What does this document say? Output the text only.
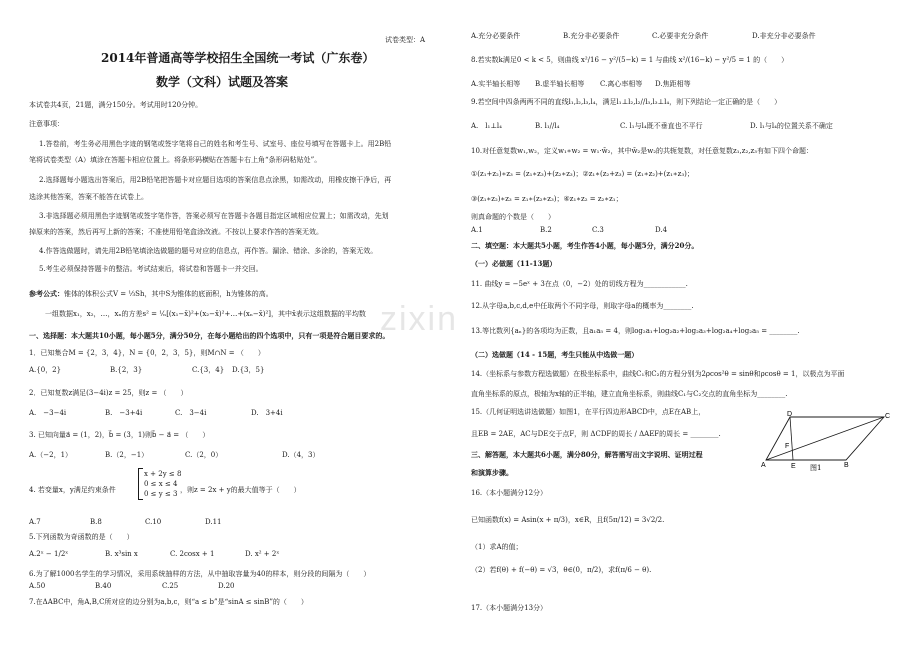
zixin
试卷类型：A
2014年普通高等学校招生全国统一考试（广东卷）
数学（文科）试题及答案
本试卷共4页，21题，满分150分。考试用时120分钟。
注意事项：
1.答卷前，考生务必用黑色字迹的钢笔或签字笔将自己的姓名和考生号、试室号、座位号填写在答题卡上。用2B铅
笔将试卷类型（A）填涂在答题卡相应位置上。将条形码横贴在答题卡右上角“条形码粘贴处”。
2.选择题每小题选出答案后，用2B铅笔把答题卡对应题目选项的答案信息点涂黑，如需改动，用橡皮擦干净后，再
选涂其他答案，答案不能答在试卷上。
3.非选择题必须用黑色字迹钢笔或签字笔作答，答案必须写在答题卡各题目指定区域相应位置上；如需改动，先划
掉原来的答案，然后再写上新的答案；不准使用铅笔盒涂改液。不按以上要求作答的答案无效。
4.作答选做题时，请先用2B铅笔填涂选做题的题号对应的信息点，再作答。漏涂、错涂、多涂的，答案无效。
5.考生必须保持答题卡的整洁。考试结束后，将试卷和答题卡一并交回。
参考公式：锥体的体积公式V = ⅓Sh，其中S为锥体的底面积，h为锥体的高。
一组数据x₁，x₂，…，xₙ的方差s² = ¹⁄ₙ[(x₁−x̄)²+(x₂−x̄)²+…+(xₙ−x̄)²]，其中x̄表示这组数据的平均数
一、选择题：本大题共10小题，每小题5分，满分50分，在每小题给出的四个选项中，只有一项是符合题目要求的。
1．已知集合M = {2，3，4}，N = {0，2，3，5}，则M∩N = （　　）
A.{0，2}	B.{2，3}	C.{3，4} D.{3，5}
2．已知复数z满足(3−4i)z = 25，则z = （　　）
A.　−3−4i	B.　−3+4i	C.　3−4i	D.　3+4i
3. 已知向量a⃗ = (1，2)，b⃗ = (3，1)则b⃗ − a⃗ = （　　）
A.（−2，1）	B.（2，−1）	C.（2，0）	D.（4，3）
4. 若变量x，y满足约束条件
x + 2y ≤ 8
0 ≤ x ≤ 4
0 ≤ y ≤ 3 ，则z = 2x + y的最大值等于（　　）
A.7	B.8	C.10	D.11
5.下列函数为奇函数的是（　　）
A.2ˣ − 1/2ˣ	B. x³sin x	C. 2cosx + 1	D. x² + 2ˣ
6.为了解1000名学生的学习情况，采用系统抽样的方法，从中抽取容量为40的样本，则分段的间隔为（　　）
A.50	B.40	C.25	D.20
7.在ΔABC中，角A,B,C所对应的边分别为a,b,c，则“a ≤ b”是“sinA ≤ sinB”的（　　）
A.充分必要条件	B.充分非必要条件	C.必要非充分条件	D.非充分非必要条件
8.若实数k满足0 < k < 5，则曲线 x²/16 − y²/(5−k) = 1 与曲线 x²/(16−k) − y²/5 = 1 的（　　）
A.实半轴长相等 B.虚半轴长相等 C.离心率相等 D.焦距相等
9.若空间中四条两两不同的直线l₁,l₂,l₃,l₄，满足l₁⊥l₂,l₂//l₃,l₃⊥l₄，则下列结论一定正确的是（　　）
A.　l₁⊥l₄	B. l₁//l₄	C. l₁与l₄既不垂直也不平行	D. l₁与l₄的位置关系不确定
10.对任意复数w₁,w₂，定义w₁∗w₂ = w₁·w̄₂，其中w̄₂是w₂的共轭复数，对任意复数z₁,z₂,z₃有如下四个命题：
①(z₁+z₂)∗z₃ = (z₁∗z₃)+(z₂∗z₃)；②z₁∗(z₂+z₃) = (z₁∗z₂)+(z₁∗z₃)；
③(z₁∗z₂)∗z₃ = z₁∗(z₂∗z₃)；④z₁∗z₂ = z₂∗z₁；
则真命题的个数是（　　）
A.1	B.2	C.3	D.4
二、填空题：本大题共5小题，考生作答4小题，每小题5分，满分20分。
（一）必做题（11-13题）
11. 曲线y = −5eˣ + 3在点（0，−2）处的切线方程为____________.
12.从字母a,b,c,d,e中任取两个不同字母，则取字母a的概率为________.
13.等比数列{aₙ}的各项均为正数，且a₁a₅ = 4，则log₂a₁+log₂a₂+log₂a₃+log₂a₄+log₂a₅ = ________.
（二）选做题（14 - 15题，考生只能从中选做一题）
14.（坐标系与参数方程选做题）在极坐标系中，曲线C₁和C₂的方程分别为2ρcos²θ = sinθ和ρcosθ = 1，以极点为平面
直角坐标系的原点，极轴为x轴的正半轴，建立直角坐标系，则曲线C₁与C₂交点的直角坐标为________.
15.（几何证明选讲选做题）如图1，在平行四边形ABCD中，点E在AB上，
且EB = 2AE，AC与DE交于点F，则 ΔCDF的周长 / ΔAEF的周长 = ________.
三、解答题，本大题共6小题，满分80分，解答需写出文字说明、证明过程
和演算步骤。
16.（本小题满分12分）
已知函数f(x) = Asin(x + π/3)，x∈R，且f(5π/12) = 3√2/2.
（1）求A的值；
（2）若f(θ) + f(−θ) = √3，θ∈(0，π/2)，求f(π/6 − θ).
17.（本小题满分13分）
A	B
C
D
E
F
图1
